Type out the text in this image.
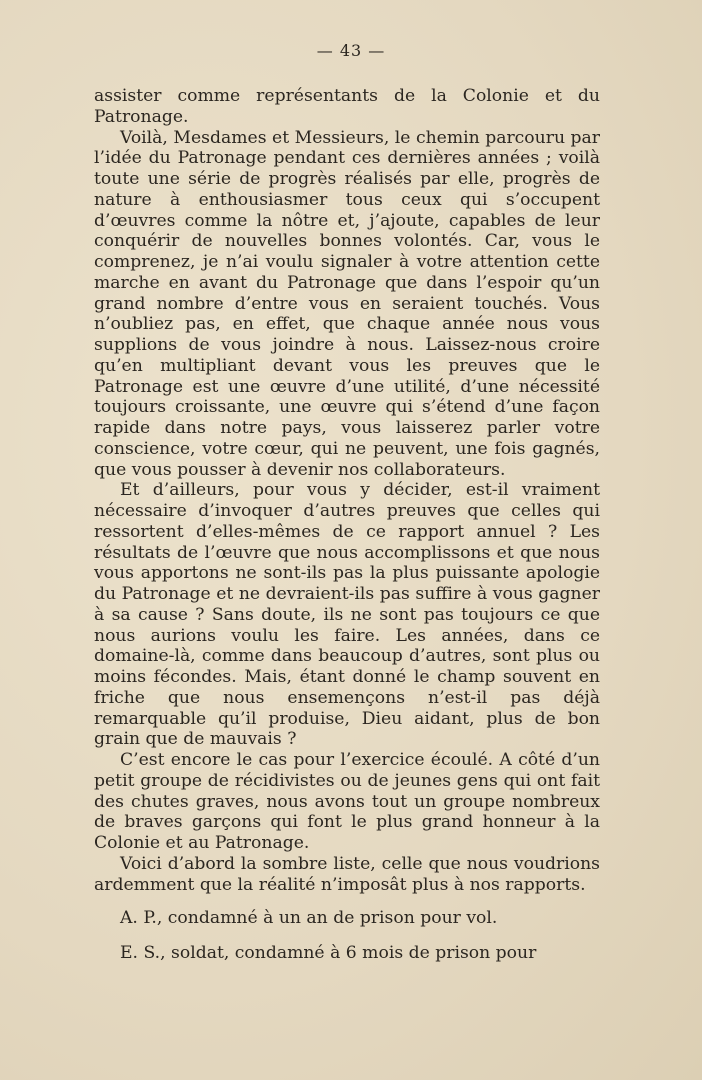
— 43 —

assister comme représentants de la Colonie et du Patronage.

Voilà, Mesdames et Messieurs, le chemin parcouru par l’idée du Patronage pendant ces dernières années ; voilà toute une série de progrès réalisés par elle, progrès de nature à enthousiasmer tous ceux qui s’occupent d’œuvres comme la nôtre et, j’ajoute, capables de leur conquérir de nouvelles bonnes volontés. Car, vous le comprenez, je n’ai voulu signaler à votre attention cette marche en avant du Patronage que dans l’espoir qu’un grand nombre d’entre vous en seraient touchés. Vous n’oubliez pas, en effet, que chaque année nous vous supplions de vous joindre à nous. Laissez-nous croire qu’en multipliant devant vous les preuves que le Patronage est une œuvre d’une utilité, d’une nécessité toujours croissante, une œuvre qui s’étend d’une façon rapide dans notre pays, vous laisserez parler votre conscience, votre cœur, qui ne peuvent, une fois gagnés, que vous pousser à devenir nos collaborateurs.

Et d’ailleurs, pour vous y décider, est-il vraiment nécessaire d’invoquer d’autres preuves que celles qui ressortent d’elles-mêmes de ce rapport annuel ? Les résultats de l’œuvre que nous accomplissons et que nous vous apportons ne sont-ils pas la plus puissante apologie du Patronage et ne devraient-ils pas suffire à vous gagner à sa cause ? Sans doute, ils ne sont pas toujours ce que nous aurions voulu les faire. Les années, dans ce domaine-là, comme dans beaucoup d’autres, sont plus ou moins fécondes. Mais, étant donné le champ souvent en friche que nous ensemençons n’est-il pas déjà remarquable qu’il produise, Dieu aidant, plus de bon grain que de mauvais ?

C’est encore le cas pour l’exercice écoulé. A côté d’un petit groupe de récidivistes ou de jeunes gens qui ont fait des chutes graves, nous avons tout un groupe nombreux de braves garçons qui font le plus grand honneur à la Colonie et au Patronage.

Voici d’abord la sombre liste, celle que nous voudrions ardemment que la réalité n’imposât plus à nos rapports.

A. P., condamné à un an de prison pour vol.

E. S., soldat, condamné à 6 mois de prison pour
